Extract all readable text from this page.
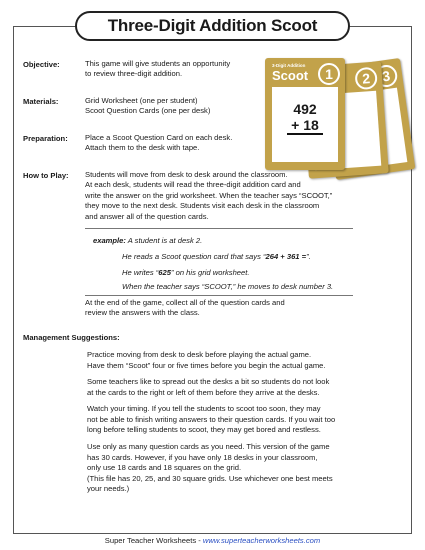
Three-Digit Addition Scoot
3
2
3-Digit Addition
Scoot	1
492
+ 18
Objective:	This game will give students an opportunity
to review three-digit addition.
Materials:	Grid Worksheet (one per student)
Scoot Question Cards (one per desk)
Preparation: Place a Scoot Question Card on each desk.
Attach them to the desk with tape.
How to Play: Students will move from desk to desk around the classroom.
At each desk, students will read the three-digit addition card and
write the answer on the grid worksheet. When the teacher says “SCOOT,”
they move to the next desk. Students visit each desk in the classroom
and answer all of the question cards.
example: A student is at desk 2.
He reads a Scoot question card that says “264 + 361 =”.
He writes “625” on his grid worksheet.
When the teacher says “SCOOT,” he moves to desk number 3.
At the end of the game, collect all of the question cards and
review the answers with the class.
Management Suggestions:
Practice moving from desk to desk before playing the actual game.
Have them “Scoot” four or five times before you begin the actual game.
Some teachers like to spread out the desks a bit so students do not look
at the cards to the right or left of them before they arrive at the desks.
Watch your timing. If you tell the students to scoot too soon, they may
not be able to finish writing answers to their question cards. If you wait too
long before telling students to scoot, they may get bored and restless.
Use only as many question cards as you need. This version of the game
has 30 cards. However, if you have only 18 desks in your classroom,
only use 18 cards and 18 squares on the grid.
(This file has 20, 25, and 30 square grids. Use whichever one best meets
your needs.)
Super Teacher Worksheets - www.superteacherworksheets.com
